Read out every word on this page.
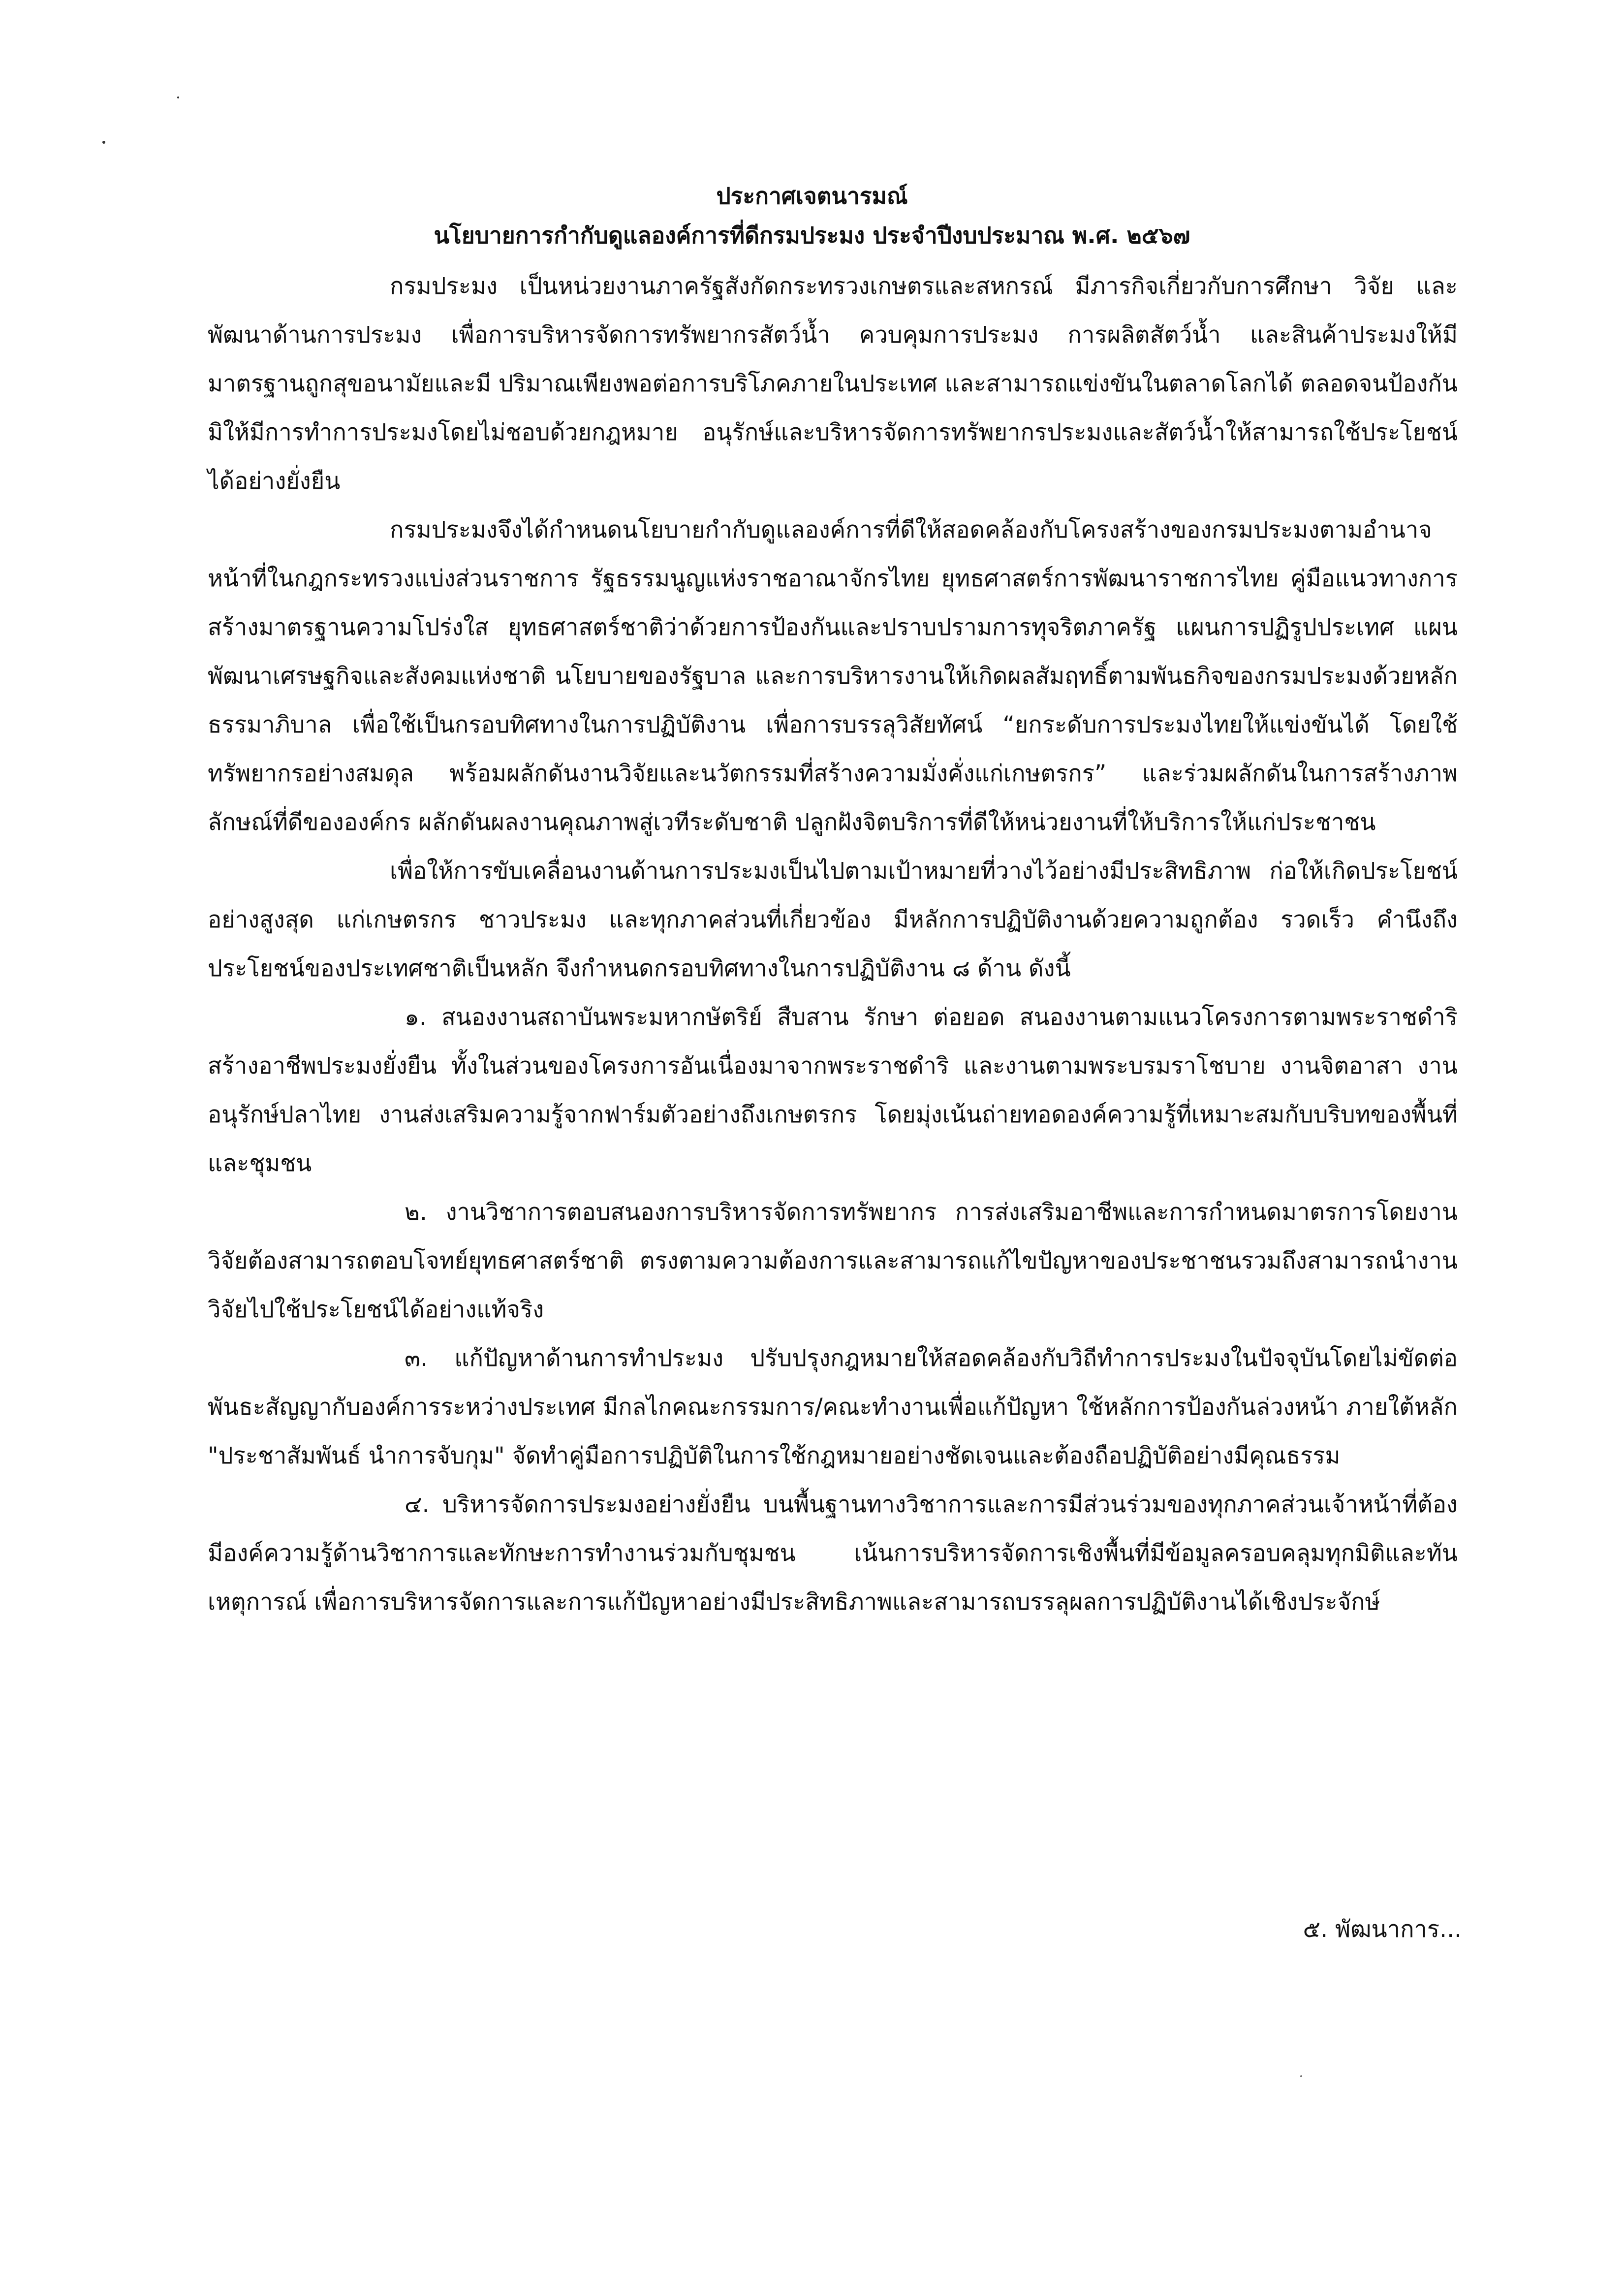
ประกาศเจตนารมณ์
นโยบายการกำกับดูแลองค์การที่ดีกรมประมง ประจำปีงบประมาณ พ.ศ. ๒๕๖๗

กรมประมง เป็นหน่วยงานภาครัฐสังกัดกระทรวงเกษตรและสหกรณ์ มีภารกิจเกี่ยวกับการศึกษา วิจัย และพัฒนาด้านการประมง เพื่อการบริหารจัดการทรัพยากรสัตว์น้ำ ควบคุมการประมง การผลิตสัตว์น้ำ และสินค้าประมงให้มีมาตรฐานถูกสุขอนามัยและมี ปริมาณเพียงพอต่อการบริโภคภายในประเทศ และสามารถแข่งขันในตลาดโลกได้ ตลอดจนป้องกันมิให้มีการทำการประมงโดยไม่ชอบด้วยกฎหมาย อนุรักษ์และบริหารจัดการทรัพยากรประมงและสัตว์น้ำให้สามารถใช้ประโยชน์ได้อย่างยั่งยืน

กรมประมงจึงได้กำหนดนโยบายกำกับดูแลองค์การที่ดีให้สอดคล้องกับโครงสร้างของกรมประมงตามอำนาจหน้าที่ในกฎกระทรวงแบ่งส่วนราชการ รัฐธรรมนูญแห่งราชอาณาจักรไทย ยุทธศาสตร์การพัฒนาราชการไทย คู่มือแนวทางการสร้างมาตรฐานความโปร่งใส ยุทธศาสตร์ชาติว่าด้วยการป้องกันและปราบปรามการทุจริตภาครัฐ แผนการปฏิรูปประเทศ แผนพัฒนาเศรษฐกิจและสังคมแห่งชาติ นโยบายของรัฐบาล และการบริหารงานให้เกิดผลสัมฤทธิ์ตามพันธกิจของกรมประมงด้วยหลักธรรมาภิบาล เพื่อใช้เป็นกรอบทิศทางในการปฏิบัติงาน เพื่อการบรรลุวิสัยทัศน์ “ยกระดับการประมงไทยให้แข่งขันได้ โดยใช้ทรัพยากรอย่างสมดุล พร้อมผลักดันงานวิจัยและนวัตกรรมที่สร้างความมั่งคั่งแก่เกษตรกร” และร่วมผลักดันในการสร้างภาพลักษณ์ที่ดีขององค์กร ผลักดันผลงานคุณภาพสู่เวทีระดับชาติ ปลูกฝังจิตบริการที่ดีให้หน่วยงานที่ให้บริการให้แก่ประชาชน

เพื่อให้การขับเคลื่อนงานด้านการประมงเป็นไปตามเป้าหมายที่วางไว้อย่างมีประสิทธิภาพ ก่อให้เกิดประโยชน์อย่างสูงสุด แก่เกษตรกร ชาวประมง และทุกภาคส่วนที่เกี่ยวข้อง มีหลักการปฏิบัติงานด้วยความถูกต้อง รวดเร็ว คำนึงถึงประโยชน์ของประเทศชาติเป็นหลัก จึงกำหนดกรอบทิศทางในการปฏิบัติงาน ๘ ด้าน ดังนี้

๑. สนองงานสถาบันพระมหากษัตริย์ สืบสาน รักษา ต่อยอด สนองงานตามแนวโครงการตามพระราชดำริ สร้างอาชีพประมงยั่งยืน ทั้งในส่วนของโครงการอันเนื่องมาจากพระราชดำริ และงานตามพระบรมราโชบาย งานจิตอาสา งานอนุรักษ์ปลาไทย งานส่งเสริมความรู้จากฟาร์มตัวอย่างถึงเกษตรกร โดยมุ่งเน้นถ่ายทอดองค์ความรู้ที่เหมาะสมกับบริบทของพื้นที่และชุมชน

๒. งานวิชาการตอบสนองการบริหารจัดการทรัพยากร การส่งเสริมอาชีพและการกำหนดมาตรการโดยงานวิจัยต้องสามารถตอบโจทย์ยุทธศาสตร์ชาติ ตรงตามความต้องการและสามารถแก้ไขปัญหาของประชาชนรวมถึงสามารถนำงานวิจัยไปใช้ประโยชน์ได้อย่างแท้จริง

๓. แก้ปัญหาด้านการทำประมง ปรับปรุงกฎหมายให้สอดคล้องกับวิถีทำการประมงในปัจจุบันโดยไม่ขัดต่อพันธะสัญญากับองค์การระหว่างประเทศ มีกลไกคณะกรรมการ/คณะทำงานเพื่อแก้ปัญหา ใช้หลักการป้องกันล่วงหน้า ภายใต้หลัก "ประชาสัมพันธ์ นำการจับกุม" จัดทำคู่มือการปฏิบัติในการใช้กฎหมายอย่างชัดเจนและต้องถือปฏิบัติอย่างมีคุณธรรม

๔. บริหารจัดการประมงอย่างยั่งยืน บนพื้นฐานทางวิชาการและการมีส่วนร่วมของทุกภาคส่วนเจ้าหน้าที่ต้องมีองค์ความรู้ด้านวิชาการและทักษะการทำงานร่วมกับชุมชน เน้นการบริหารจัดการเชิงพื้นที่มีข้อมูลครอบคลุมทุกมิติและทันเหตุการณ์ เพื่อการบริหารจัดการและการแก้ปัญหาอย่างมีประสิทธิภาพและสามารถบรรลุผลการปฏิบัติงานได้เชิงประจักษ์

๕. พัฒนาการ...
